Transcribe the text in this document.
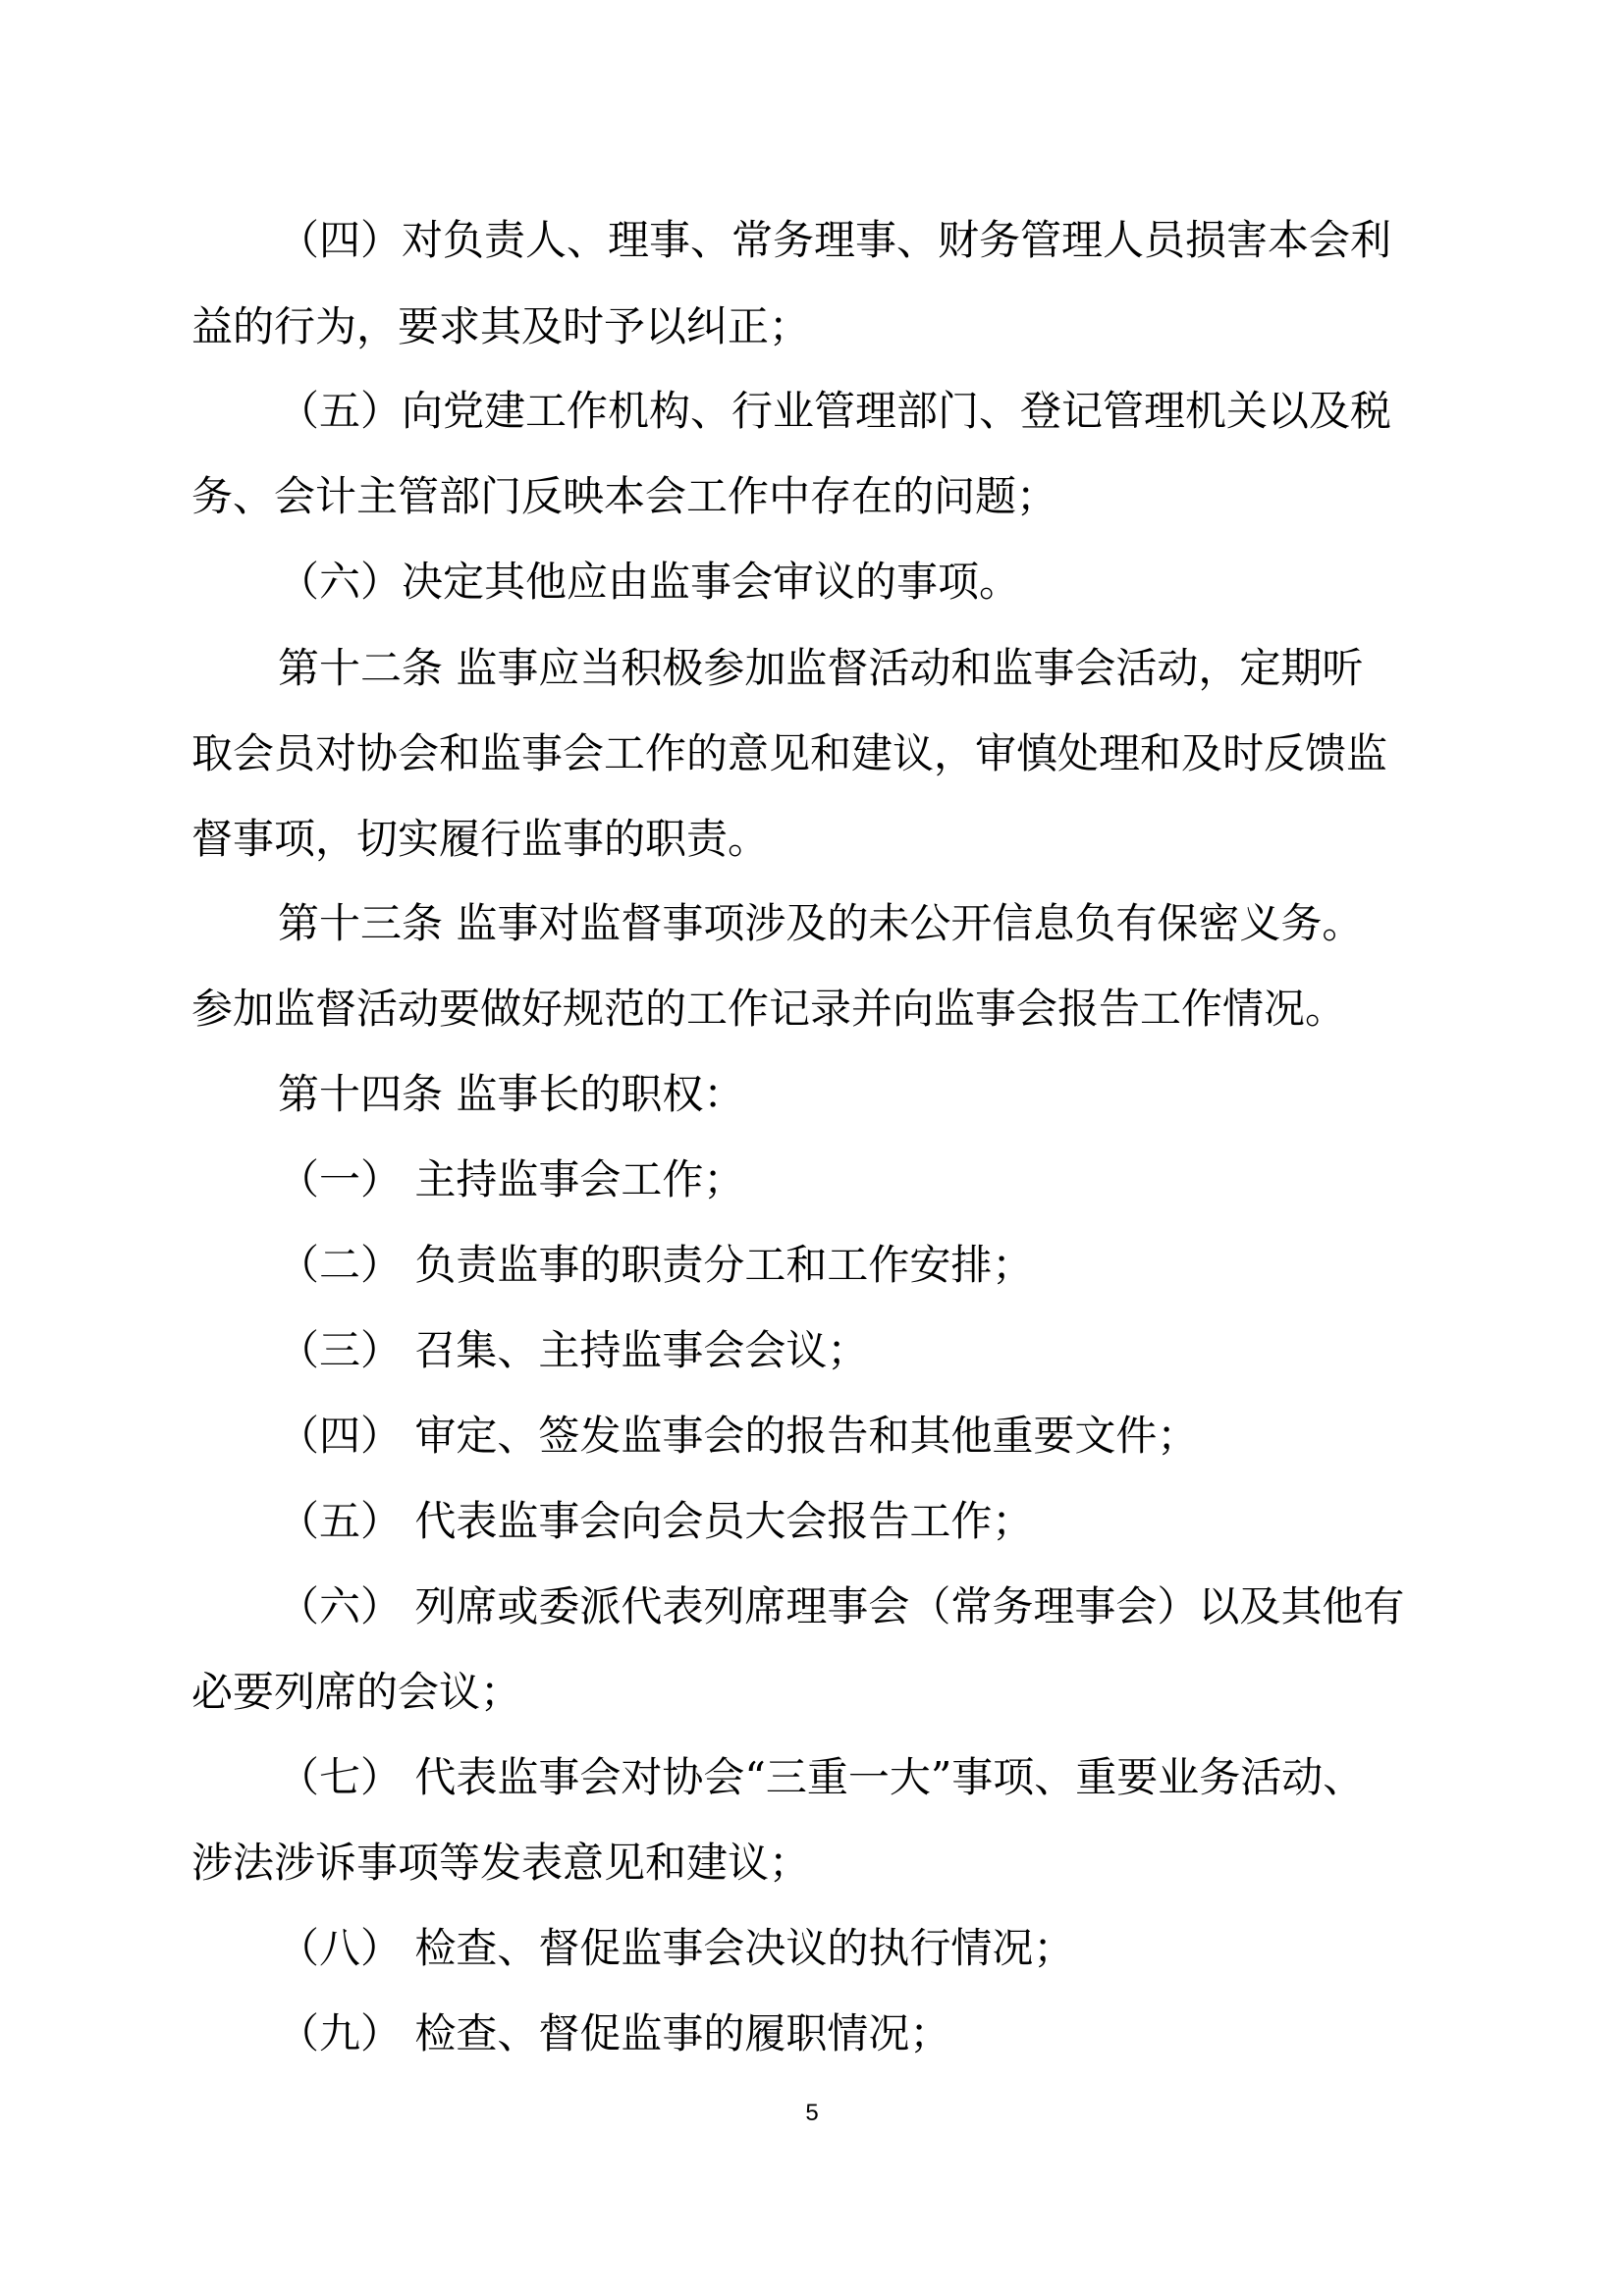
（四）对负责人、理事、常务理事、财务管理人员损害本会利
益的行为，要求其及时予以纠正；
（五）向党建工作机构、行业管理部门、登记管理机关以及税
务、会计主管部门反映本会工作中存在的问题；
（六）决定其他应由监事会审议的事项。
第十二条 监事应当积极参加监督活动和监事会活动，定期听
取会员对协会和监事会工作的意见和建议，审慎处理和及时反馈监
督事项，切实履行监事的职责。
第十三条 监事对监督事项涉及的未公开信息负有保密义务。
参加监督活动要做好规范的工作记录并向监事会报告工作情况。
第十四条 监事长的职权：
（一） 主持监事会工作；
（二） 负责监事的职责分工和工作安排；
（三） 召集、主持监事会会议；
（四） 审定、签发监事会的报告和其他重要文件；
（五） 代表监事会向会员大会报告工作；
（六） 列席或委派代表列席理事会（常务理事会）以及其他有
必要列席的会议；
（七） 代表监事会对协会“三重一大”事项、重要业务活动、
涉法涉诉事项等发表意见和建议；
（八） 检查、督促监事会决议的执行情况；
（九） 检查、督促监事的履职情况；
5
